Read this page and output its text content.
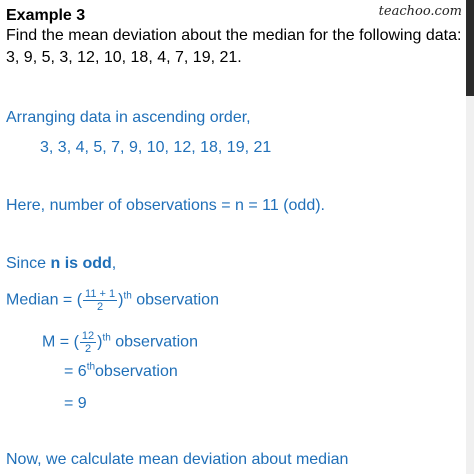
teachoo.com
Example 3
Find the mean deviation about the median for the following data:
3, 9, 5, 3, 12, 10, 18, 4, 7, 19, 21.
Arranging data in ascending order,
3, 3, 4, 5, 7, 9, 10, 12, 18, 19, 21
Here, number of observations = n = 11 (odd).
Since n is odd,
Median = ( $\frac{11 + 1}{2} )^{th}$ observation
M = ( $\frac{12}{2} )^{th}$ observation
= 6thobservation
= 9
Now, we calculate mean deviation about median
